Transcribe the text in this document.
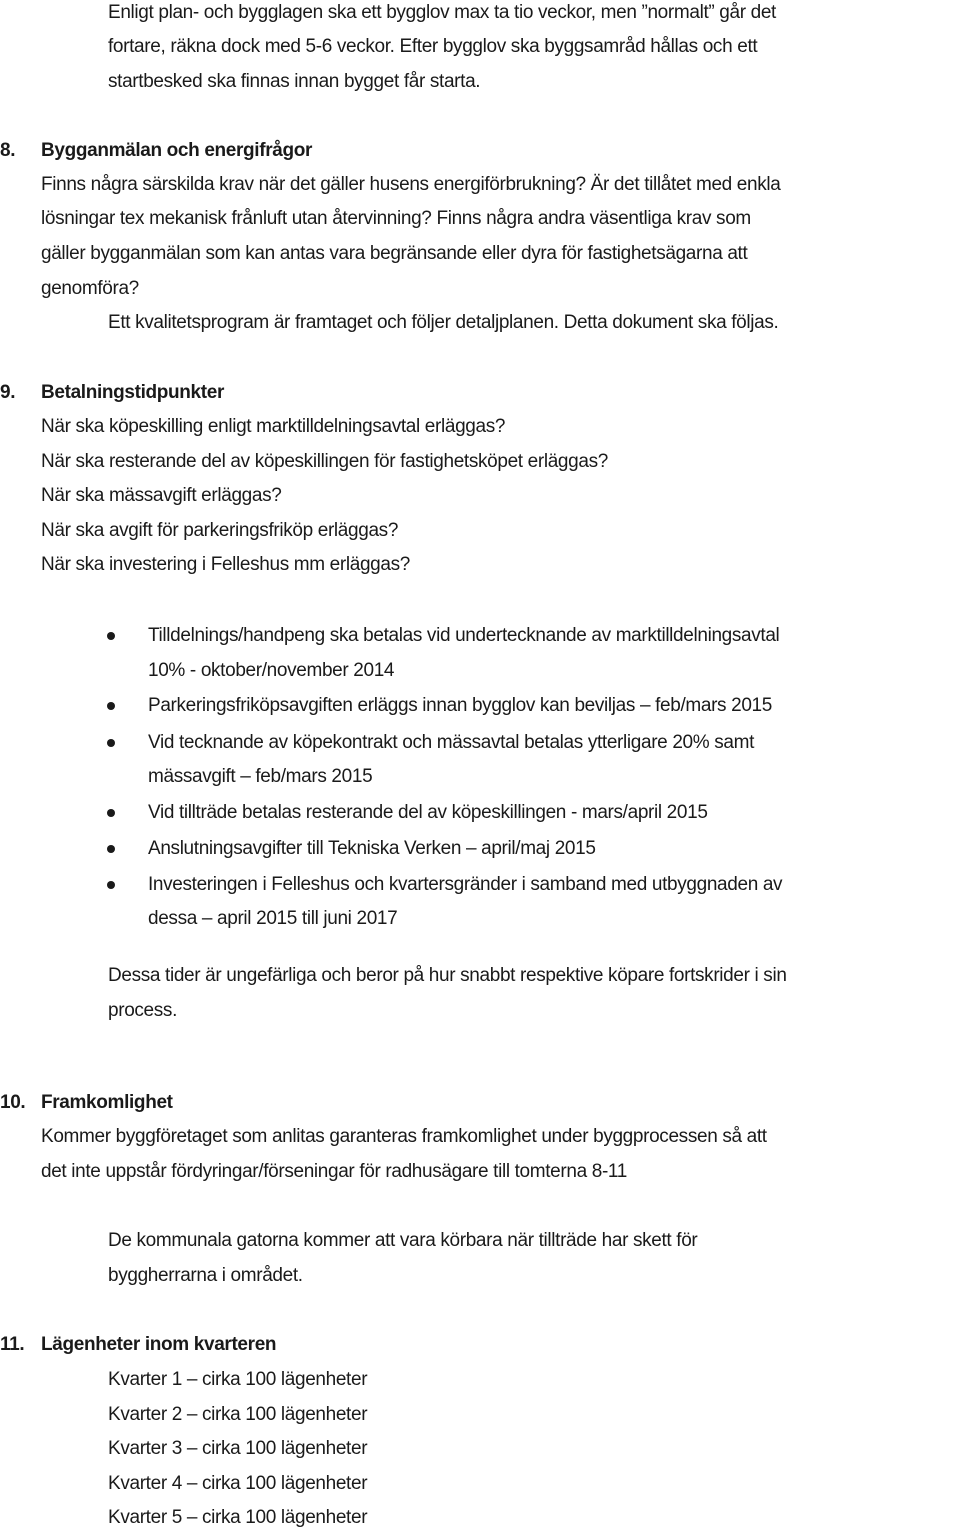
Enligt plan- och bygglagen ska ett bygglov max ta tio veckor, men ”normalt” går det
fortare, räkna dock med 5-6 veckor. Efter bygglov ska byggsamråd hållas och ett
startbesked ska finnas innan bygget får starta.
8. Bygganmälan och energifrågor
Finns några särskilda krav när det gäller husens energiförbrukning? Är det tillåtet med enkla
lösningar tex mekanisk frånluft utan återvinning? Finns några andra väsentliga krav som
gäller bygganmälan som kan antas vara begränsande eller dyra för fastighetsägarna att
genomföra?
Ett kvalitetsprogram är framtaget och följer detaljplanen. Detta dokument ska följas.
9. Betalningstidpunkter
När ska köpeskilling enligt marktilldelningsavtal erläggas?
När ska resterande del av köpeskillingen för fastighetsköpet erläggas?
När ska mässavgift erläggas?
När ska avgift för parkeringsfriköp erläggas?
När ska investering i Felleshus mm erläggas?
Tilldelnings/handpeng ska betalas vid undertecknande av marktilldelningsavtal
10% - oktober/november 2014
Parkeringsfriköpsavgiften erläggs innan bygglov kan beviljas – feb/mars 2015
Vid tecknande av köpekontrakt och mässavtal betalas ytterligare 20% samt
mässavgift – feb/mars 2015
Vid tillträde betalas resterande del av köpeskillingen - mars/april 2015
Anslutningsavgifter till Tekniska Verken – april/maj 2015
Investeringen i Felleshus och kvartersgränder i samband med utbyggnaden av
dessa – april 2015 till juni 2017
Dessa tider är ungefärliga och beror på hur snabbt respektive köpare fortskrider i sin
process.
10. Framkomlighet
Kommer byggföretaget som anlitas garanteras framkomlighet under byggprocessen så att
det inte uppstår fördyringar/förseningar för radhusägare till tomterna 8-11
De kommunala gatorna kommer att vara körbara när tillträde har skett för
byggherrarna i området.
11. Lägenheter inom kvarteren
Kvarter 1 – cirka 100 lägenheter
Kvarter 2 – cirka 100 lägenheter
Kvarter 3 – cirka 100 lägenheter
Kvarter 4 – cirka 100 lägenheter
Kvarter 5 – cirka 100 lägenheter
